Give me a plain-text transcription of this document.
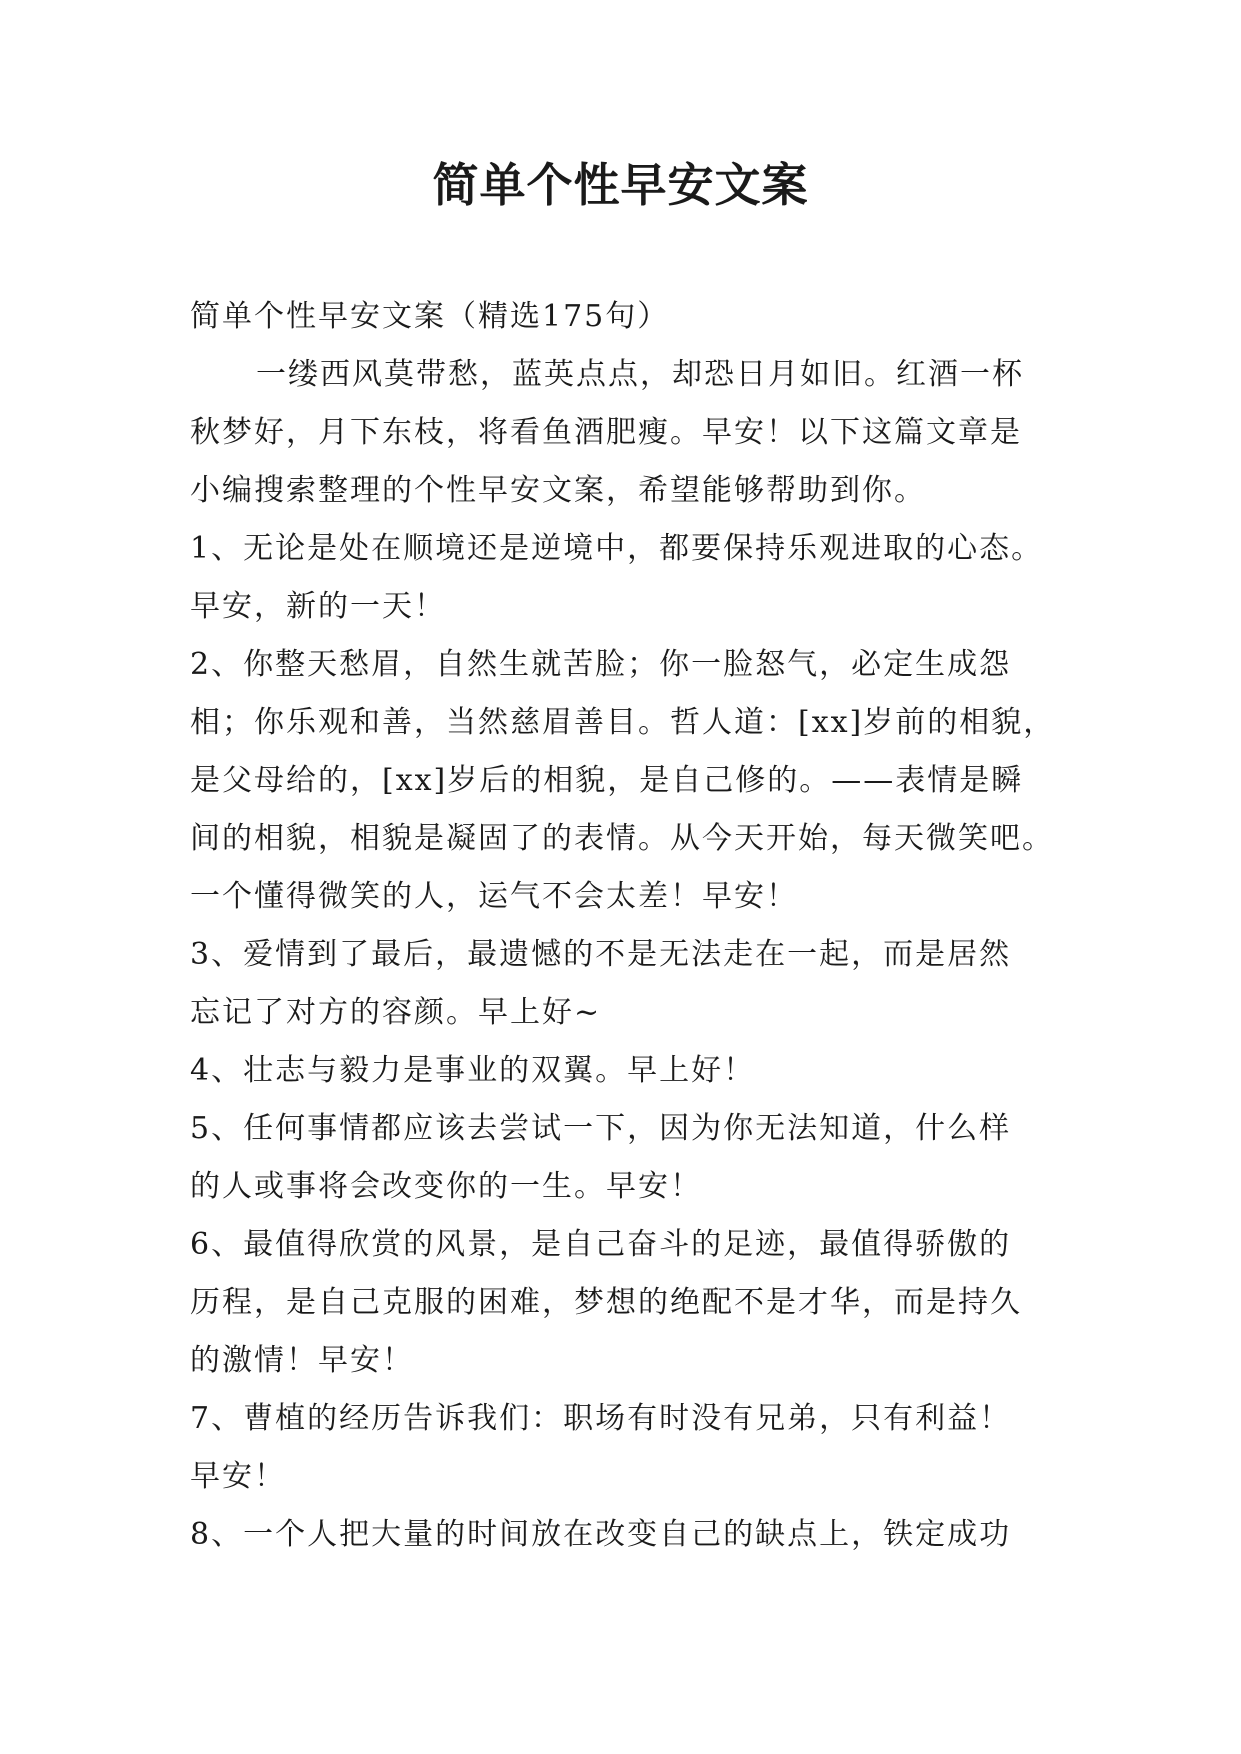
简单个性早安文案
简单个性早安文案（精选175句）
一缕西风莫带愁，蓝英点点，却恐日月如旧。红酒一杯
秋梦好，月下东枝，将看鱼酒肥瘦。早安！以下这篇文章是
小编搜索整理的个性早安文案，希望能够帮助到你。
1、无论是处在顺境还是逆境中，都要保持乐观进取的心态。
早安，新的一天！
2、你整天愁眉，自然生就苦脸；你一脸怒气，必定生成怨
相；你乐观和善，当然慈眉善目。哲人道：[xx]岁前的相貌，
是父母给的，[xx]岁后的相貌，是自己修的。——表情是瞬
间的相貌，相貌是凝固了的表情。从今天开始，每天微笑吧。
一个懂得微笑的人，运气不会太差！早安！
3、爱情到了最后，最遗憾的不是无法走在一起，而是居然
忘记了对方的容颜。早上好~
4、壮志与毅力是事业的双翼。早上好！
5、任何事情都应该去尝试一下，因为你无法知道，什么样
的人或事将会改变你的一生。早安！
6、最值得欣赏的风景，是自己奋斗的足迹，最值得骄傲的
历程，是自己克服的困难，梦想的绝配不是才华，而是持久
的激情！早安！
7、曹植的经历告诉我们：职场有时没有兄弟，只有利益！
早安！
8、一个人把大量的时间放在改变自己的缺点上，铁定成功
